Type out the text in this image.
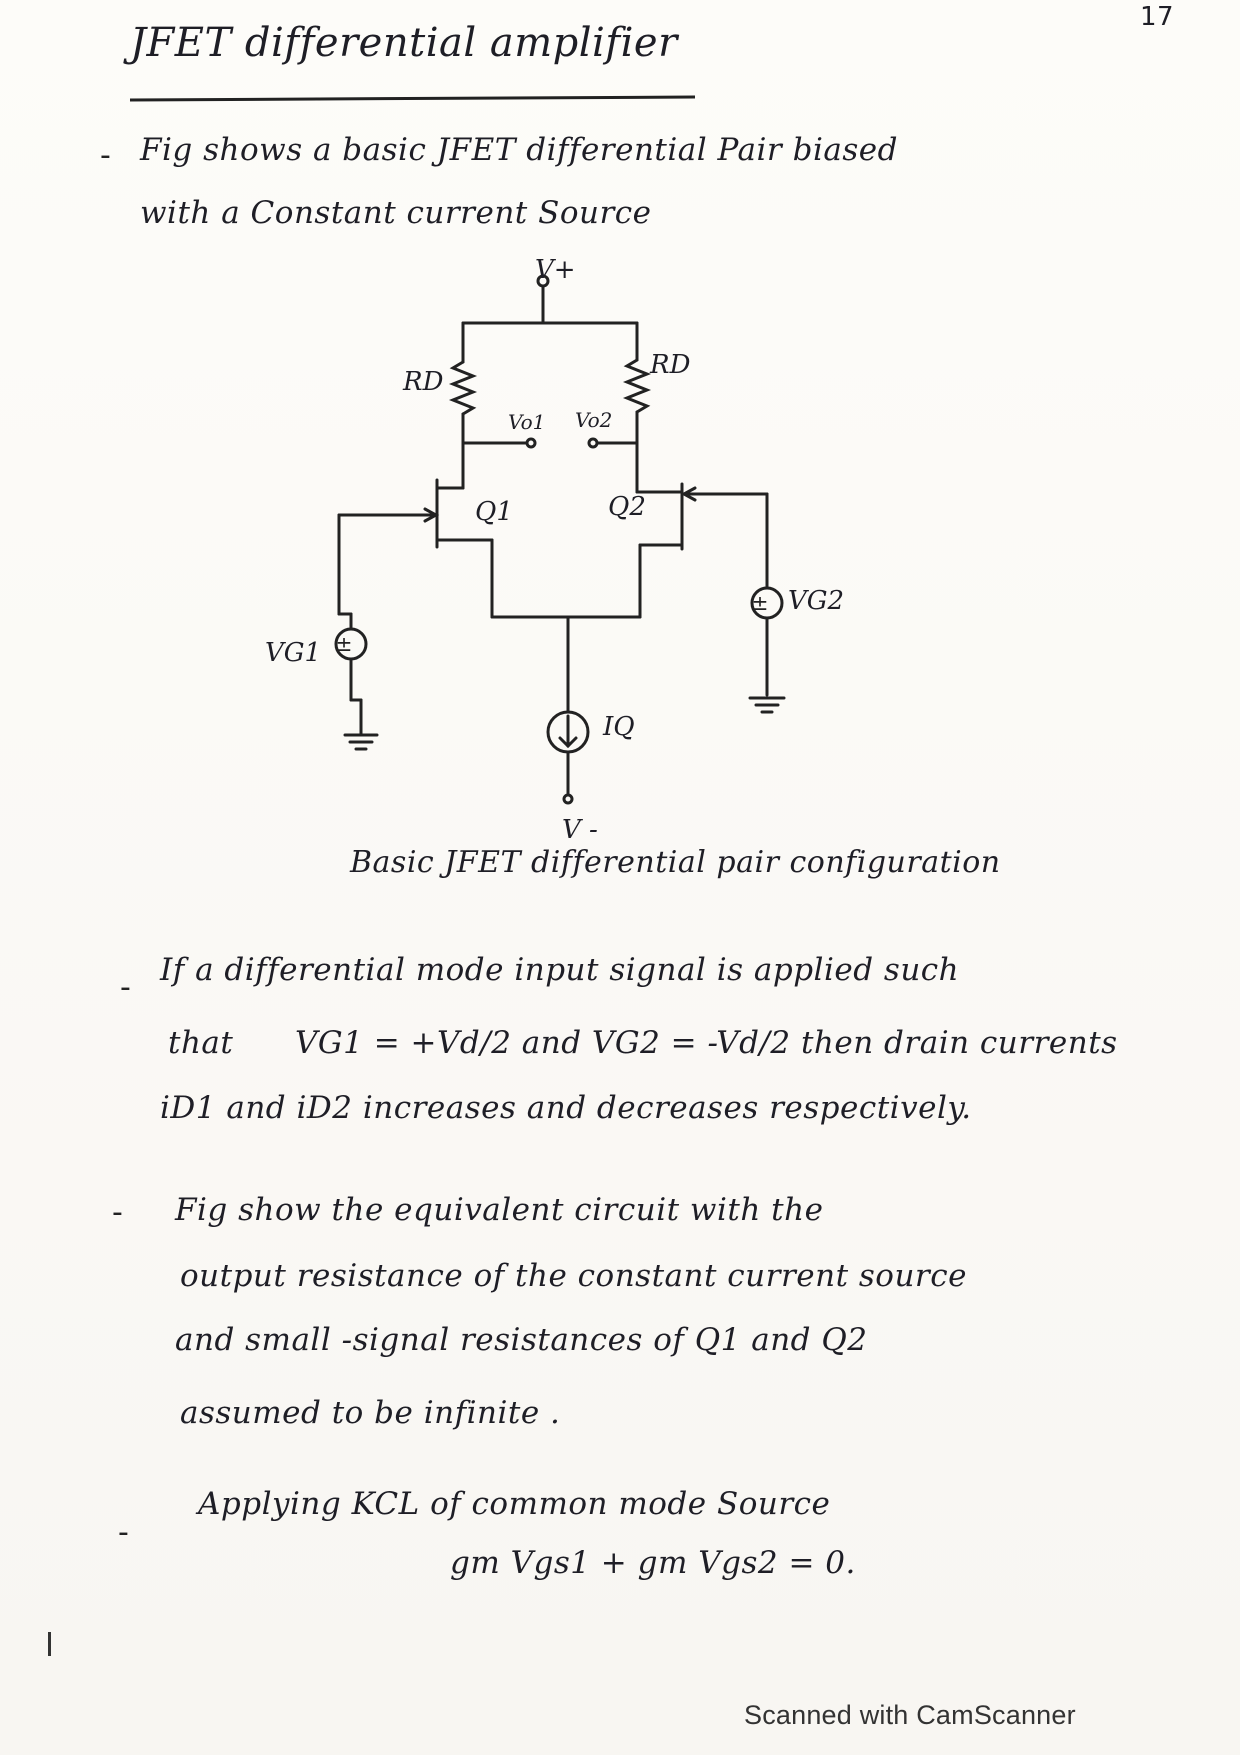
17
JFET differential amplifier
- Fig shows a basic JFET differential Pair biased
with a Constant current Source
±
±
V+
RD
RD
Vo1 Vo2
Q1	Q2
VG1
VG2
IQ
V -
Basic JFET differential pair configuration
- If a differential mode input signal is applied such
that VG1 = +Vd/2 and VG2 = -Vd/2 then drain currents
iD1 and iD2 increases and decreases respectively.
- Fig show the equivalent circuit with the
output resistance of the constant current source
and small -signal resistances of Q1 and Q2
assumed to be infinite .
-
Applying KCL of common mode Source
gm Vgs1 + gm Vgs2 = 0.
Scanned with CamScanner
